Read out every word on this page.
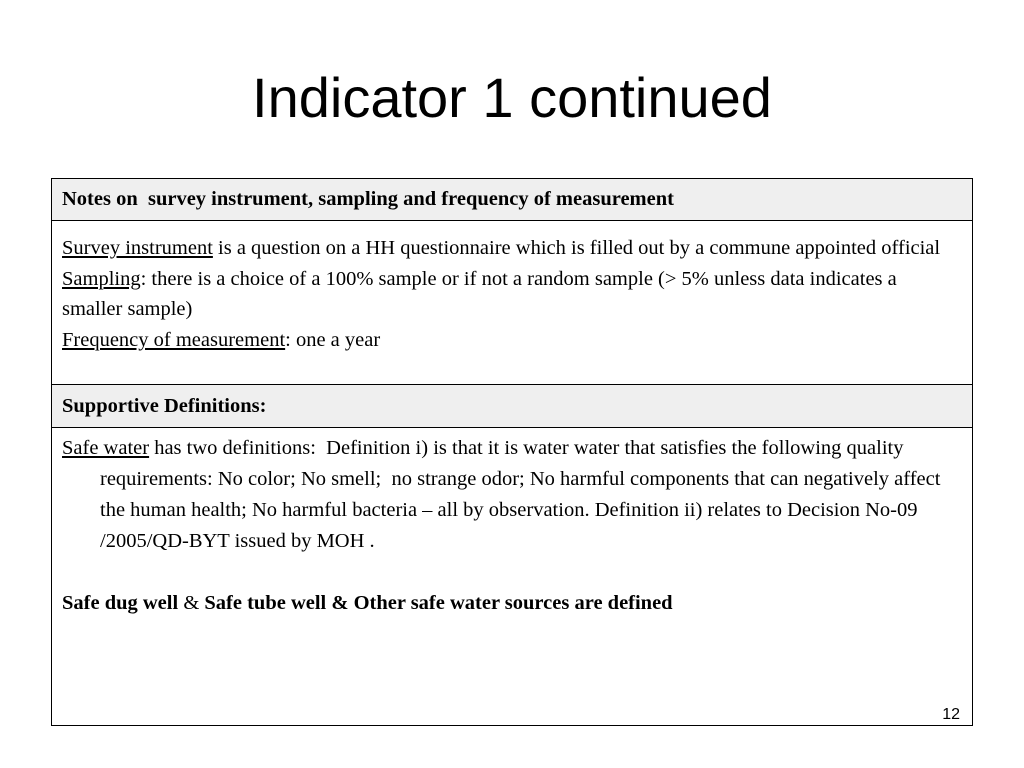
Indicator 1 continued
Notes on  survey instrument, sampling and frequency of measurement
Survey instrument is a question on a HH questionnaire which is filled out by a commune appointed official
Sampling: there is a choice of a 100% sample or if not a random sample (> 5% unless data indicates a smaller sample)
Frequency of measurement: one a year
Supportive Definitions:

Safe water has two definitions:  Definition i) is that it is water water that satisfies the following quality requirements: No color; No smell;  no strange odor; No harmful components that can negatively affect the human health; No harmful bacteria – all by observation. Definition ii) relates to Decision No-09 /2005/QD-BYT issued by MOH .

Safe dug well & Safe tube well & Other safe water sources are defined
12
